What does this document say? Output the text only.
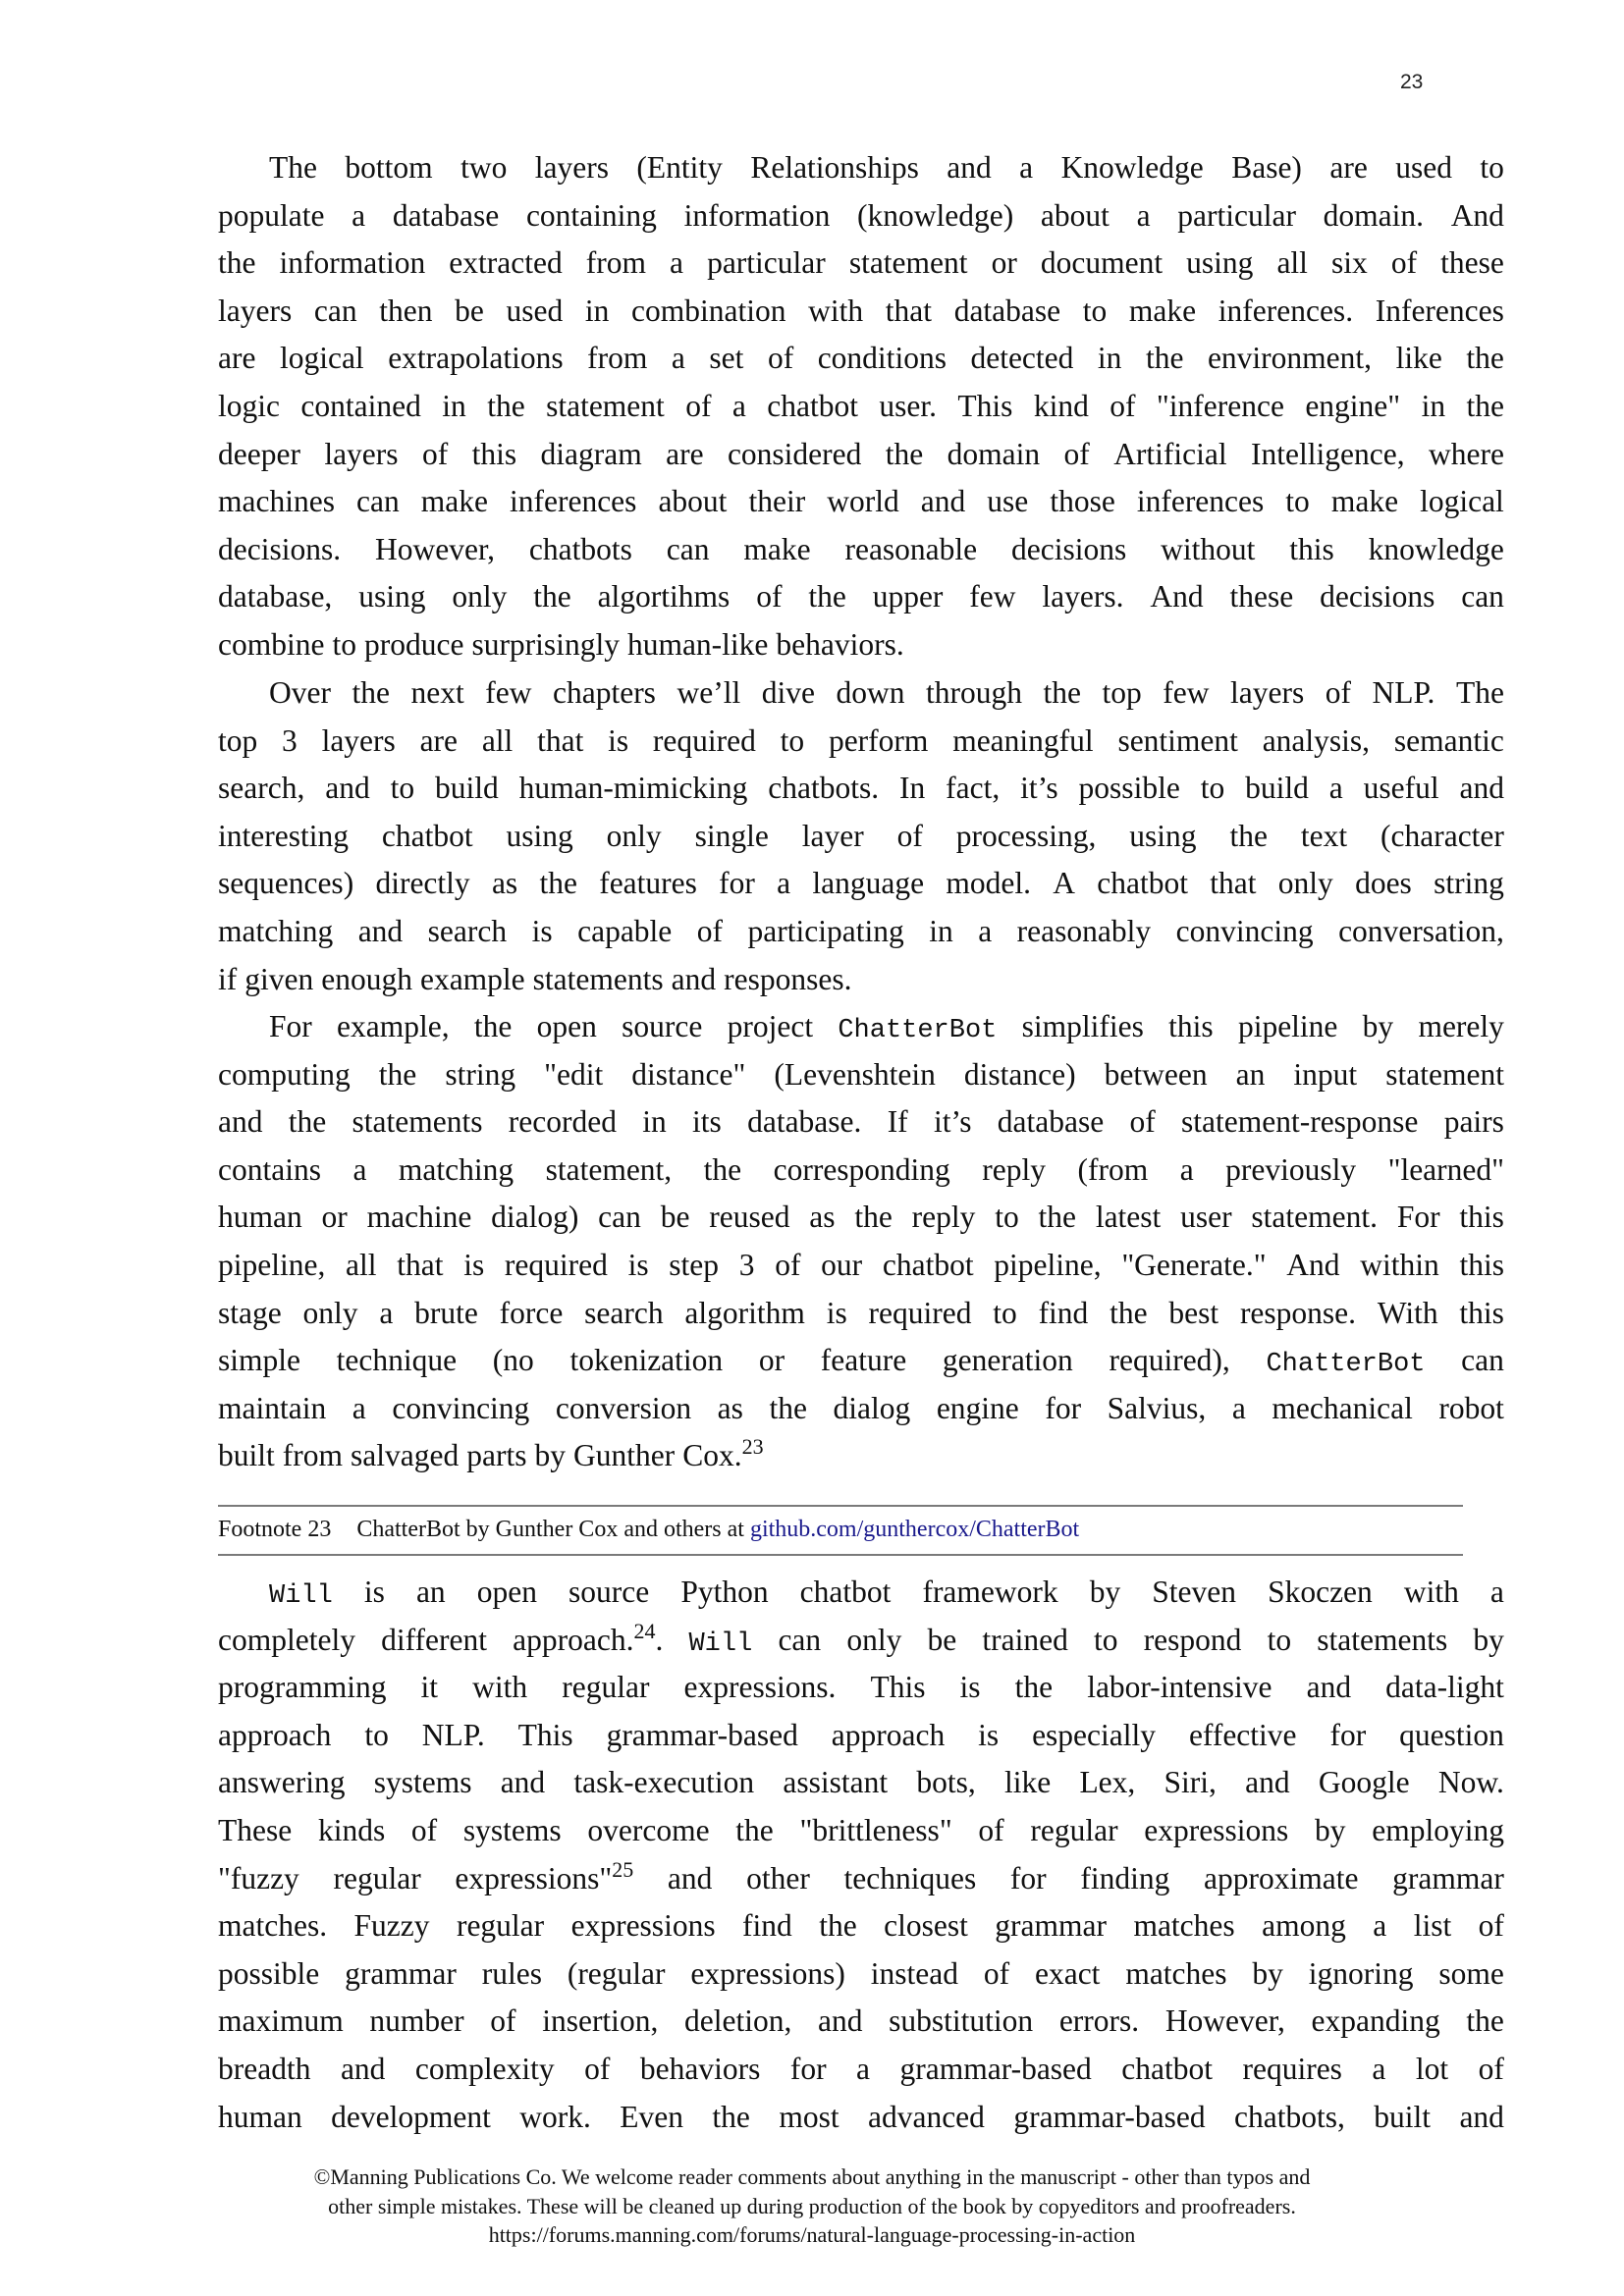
23
The bottom two layers (Entity Relationships and a Knowledge Base) are used to
populate a database containing information (knowledge) about a particular domain. And
the information extracted from a particular statement or document using all six of these
layers can then be used in combination with that database to make inferences. Inferences
are logical extrapolations from a set of conditions detected in the environment, like the
logic contained in the statement of a chatbot user. This kind of "inference engine" in the
deeper layers of this diagram are considered the domain of Artificial Intelligence, where
machines can make inferences about their world and use those inferences to make logical
decisions. However, chatbots can make reasonable decisions without this knowledge
database, using only the algortihms of the upper few layers. And these decisions can
combine to produce surprisingly human-like behaviors.
Over the next few chapters we’ll dive down through the top few layers of NLP. The
top 3 layers are all that is required to perform meaningful sentiment analysis, semantic
search, and to build human-mimicking chatbots. In fact, it’s possible to build a useful and
interesting chatbot using only single layer of processing, using the text (character
sequences) directly as the features for a language model. A chatbot that only does string
matching and search is capable of participating in a reasonably convincing conversation,
if given enough example statements and responses.
For example, the open source project ChatterBot simplifies this pipeline by merely
computing the string "edit distance" (Levenshtein distance) between an input statement
and the statements recorded in its database. If it’s database of statement-response pairs
contains a matching statement, the corresponding reply (from a previously "learned"
human or machine dialog) can be reused as the reply to the latest user statement. For this
pipeline, all that is required is step 3 of our chatbot pipeline, "Generate." And within this
stage only a brute force search algorithm is required to find the best response. With this
simple technique (no tokenization or feature generation required), ChatterBot can
maintain a convincing conversion as the dialog engine for Salvius, a mechanical robot
built from salvaged parts by Gunther Cox.$^{23}$
Will is an open source Python chatbot framework by Steven Skoczen with a
completely different approach.$^{24}$. Will can only be trained to respond to statements by
programming it with regular expressions. This is the labor-intensive and data-light
approach to NLP. This grammar-based approach is especially effective for question
answering systems and task-execution assistant bots, like Lex, Siri, and Google Now.
These kinds of systems overcome the "brittleness" of regular expressions by employing
"fuzzy regular expressions"$^{25}$ and other techniques for finding approximate grammar
matches. Fuzzy regular expressions find the closest grammar matches among a list of
possible grammar rules (regular expressions) instead of exact matches by ignoring some
maximum number of insertion, deletion, and substitution errors. However, expanding the
breadth and complexity of behaviors for a grammar-based chatbot requires a lot of
human development work. Even the most advanced grammar-based chatbots, built and
Footnote 23 ChatterBot by Gunther Cox and others at github.com/gunthercox/ChatterBot
©Manning Publications Co. We welcome reader comments about anything in the manuscript - other than typos and
other simple mistakes. These will be cleaned up during production of the book by copyeditors and proofreaders.
https://forums.manning.com/forums/natural-language-processing-in-action
